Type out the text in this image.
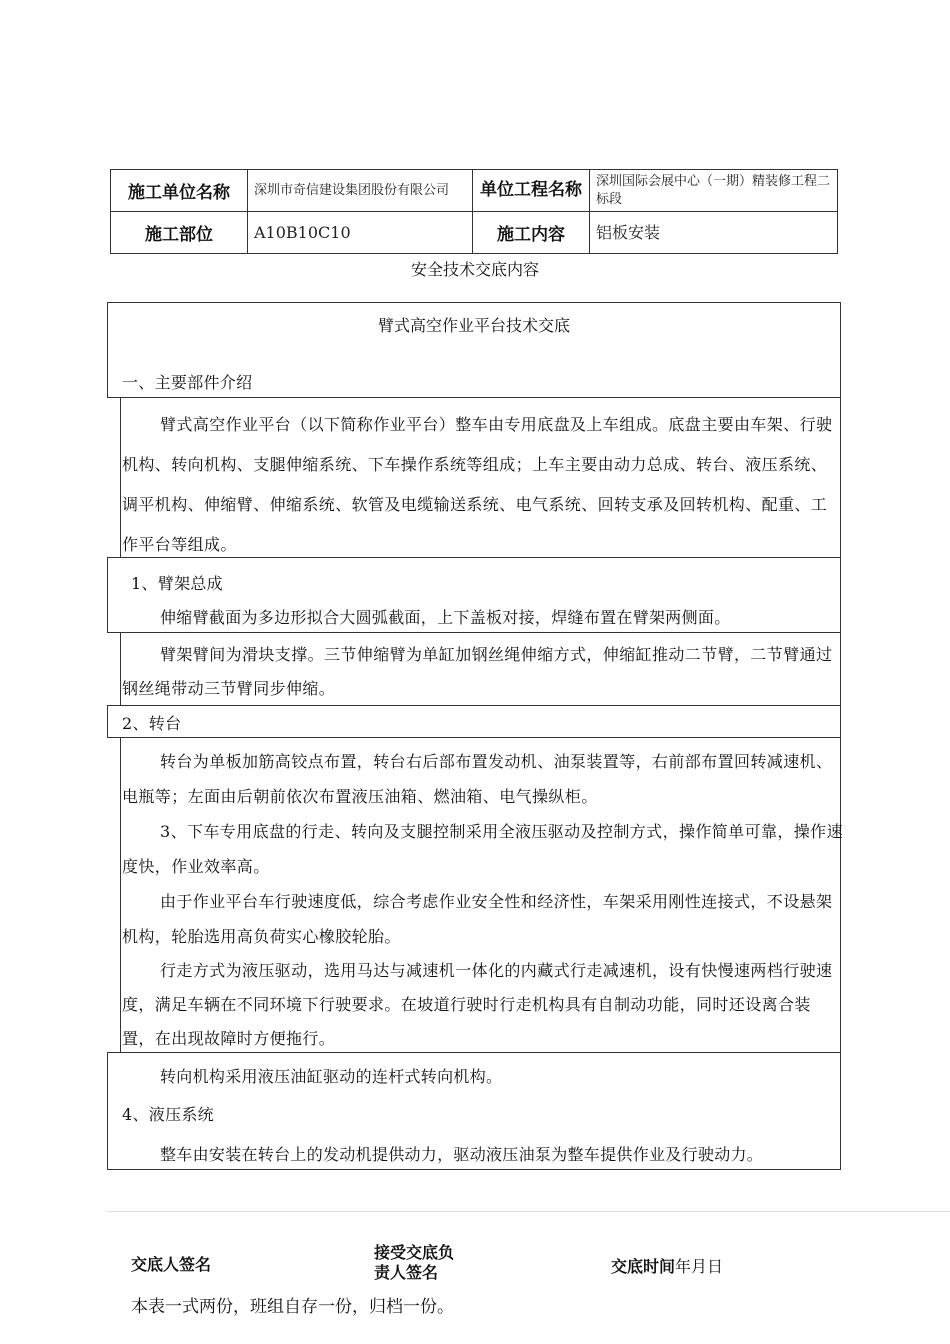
施工单位名称	深圳市奇信建设集团股份有限公司	单位工程名称	深圳国际会展中心（一期）精装修工程二标段
施工部位	A10B10C10	施工内容	铝板安装
安全技术交底内容
臂式高空作业平台技术交底
一、主要部件介绍
臂式高空作业平台（以下简称作业平台）整车由专用底盘及上车组成。底盘主要由车架、行驶机构、转向机构、支腿伸缩系统、下车操作系统等组成；上车主要由动力总成、转台、液压系统、调平机构、伸缩臂、伸缩系统、软管及电缆输送系统、电气系统、回转支承及回转机构、配重、工作平台等组成。
1、臂架总成
伸缩臂截面为多边形拟合大圆弧截面，上下盖板对接，焊缝布置在臂架两侧面。
臂架臂间为滑块支撑。三节伸缩臂为单缸加钢丝绳伸缩方式，伸缩缸推动二节臂，二节臂通过钢丝绳带动三节臂同步伸缩。
2、转台
转台为单板加筋高铰点布置，转台右后部布置发动机、油泵装置等，右前部布置回转减速机、电瓶等；左面由后朝前依次布置液压油箱、燃油箱、电气操纵柜。
3、下车专用底盘的行走、转向及支腿控制采用全液压驱动及控制方式，操作简单可靠，操作速度快，作业效率高。
由于作业平台车行驶速度低，综合考虑作业安全性和经济性，车架采用刚性连接式，不设悬架机构，轮胎选用高负荷实心橡胶轮胎。
行走方式为液压驱动，选用马达与减速机一体化的内藏式行走减速机，设有快慢速两档行驶速度，满足车辆在不同环境下行驶要求。在坡道行驶时行走机构具有自制动功能，同时还设离合装置，在出现故障时方便拖行。
转向机构采用液压油缸驱动的连杆式转向机构。
4、液压系统
整车由安装在转台上的发动机提供动力，驱动液压油泵为整车提供作业及行驶动力。
交底人签名
接受交底负责人签名	交底时间年月日
本表一式两份，班组自存一份，归档一份。
